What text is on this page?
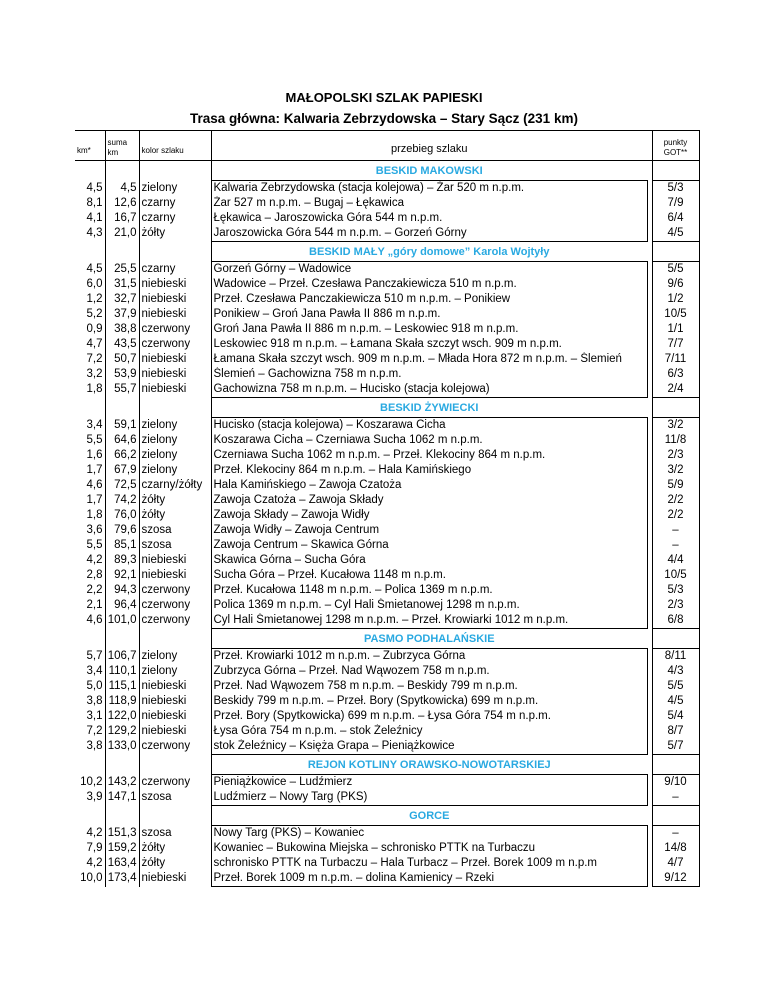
MAŁOPOLSKI SZLAK PAPIESKI
Trasa główna: Kalwaria Zebrzydowska – Stary Sącz (231 km)
km*	suma
km	kolor szlaku	przebieg szlaku		punkty
GOT**
			BESKID MAKOWSKI		
4,5	4,5	zielony	Kalwaria Zebrzydowska (stacja kolejowa) – Żar 520 m n.p.m.		5/3
8,1	12,6	czarny	Żar 527 m n.p.m. – Bugaj – Łękawica		7/9
4,1	16,7	czarny	Łękawica – Jaroszowicka Góra 544 m n.p.m.		6/4
4,3	21,0	żółty	Jaroszowicka Góra 544 m n.p.m. – Gorzeń Górny		4/5
			BESKID MAŁY „góry domowe” Karola Wojtyły		
4,5	25,5	czarny	Gorzeń Górny – Wadowice		5/5
6,0	31,5	niebieski	Wadowice – Przeł. Czesława Panczakiewicza 510 m n.p.m.		9/6
1,2	32,7	niebieski	Przeł. Czesława Panczakiewicza 510 m n.p.m. – Ponikiew		1/2
5,2	37,9	niebieski	Ponikiew – Groń Jana Pawła II 886 m n.p.m.		10/5
0,9	38,8	czerwony	Groń Jana Pawła II 886 m n.p.m. – Leskowiec 918 m n.p.m.		1/1
4,7	43,5	czerwony	Leskowiec 918 m n.p.m. – Łamana Skała szczyt wsch. 909 m n.p.m.		7/7
7,2	50,7	niebieski	Łamana Skała szczyt wsch. 909 m n.p.m. – Młada Hora 872 m n.p.m. – Ślemień		7/11
3,2	53,9	niebieski	Ślemień – Gachowizna 758 m n.p.m.		6/3
1,8	55,7	niebieski	Gachowizna 758 m n.p.m. – Hucisko (stacja kolejowa)		2/4
			BESKID ŻYWIECKI		
3,4	59,1	zielony	Hucisko (stacja kolejowa) – Koszarawa Cicha		3/2
5,5	64,6	zielony	Koszarawa Cicha – Czerniawa Sucha 1062 m n.p.m.		11/8
1,6	66,2	zielony	Czerniawa Sucha 1062 m n.p.m. – Przeł. Klekociny 864 m n.p.m.		2/3
1,7	67,9	zielony	Przeł. Klekociny 864 m n.p.m. – Hala Kamińskiego		3/2
4,6	72,5	czarny/żółty	Hala Kamińskiego – Zawoja Czatoża		5/9
1,7	74,2	żółty	Zawoja Czatoża – Zawoja Składy		2/2
1,8	76,0	żółty	Zawoja Składy – Zawoja Widły		2/2
3,6	79,6	szosa	Zawoja Widły – Zawoja Centrum		–
5,5	85,1	szosa	Zawoja Centrum – Skawica Górna		–
4,2	89,3	niebieski	Skawica Górna – Sucha Góra		4/4
2,8	92,1	niebieski	Sucha Góra – Przeł. Kucałowa 1148 m n.p.m.		10/5
2,2	94,3	czerwony	Przeł. Kucałowa 1148 m n.p.m. – Polica 1369 m n.p.m.		5/3
2,1	96,4	czerwony	Polica 1369 m n.p.m. – Cyl Hali Śmietanowej 1298 m n.p.m.		2/3
4,6	101,0	czerwony	Cyl Hali Śmietanowej 1298 m n.p.m. – Przeł. Krowiarki 1012 m n.p.m.		6/8
			PASMO PODHALAŃSKIE		
5,7	106,7	zielony	Przeł. Krowiarki 1012 m n.p.m. – Zubrzyca Górna		8/11
3,4	110,1	zielony	Zubrzyca Górna – Przeł. Nad Wąwozem 758 m n.p.m.		4/3
5,0	115,1	niebieski	Przeł. Nad Wąwozem 758 m n.p.m. – Beskidy 799 m n.p.m.		5/5
3,8	118,9	niebieski	Beskidy 799 m n.p.m. – Przeł. Bory (Spytkowicka) 699 m n.p.m.		4/5
3,1	122,0	niebieski	Przeł. Bory (Spytkowicka) 699 m n.p.m. – Łysa Góra 754 m n.p.m.		5/4
7,2	129,2	niebieski	Łysa Góra 754 m n.p.m. – stok Żeleźnicy		8/7
3,8	133,0	czerwony	stok Żeleźnicy – Księża Grapa – Pieniążkowice		5/7
			REJON KOTLINY ORAWSKO-NOWOTARSKIEJ		
10,2	143,2	czerwony	Pieniążkowice – Ludźmierz		9/10
3,9	147,1	szosa	Ludźmierz – Nowy Targ (PKS)		–
			GORCE		
4,2	151,3	szosa	Nowy Targ (PKS) – Kowaniec		–
7,9	159,2	żółty	Kowaniec – Bukowina Miejska – schronisko PTTK na Turbaczu		14/8
4,2	163,4	żółty	schronisko PTTK na Turbaczu – Hala Turbacz – Przeł. Borek 1009 m n.p.m		4/7
10,0	173,4	niebieski	Przeł. Borek 1009 m n.p.m. – dolina Kamienicy – Rzeki		9/12
